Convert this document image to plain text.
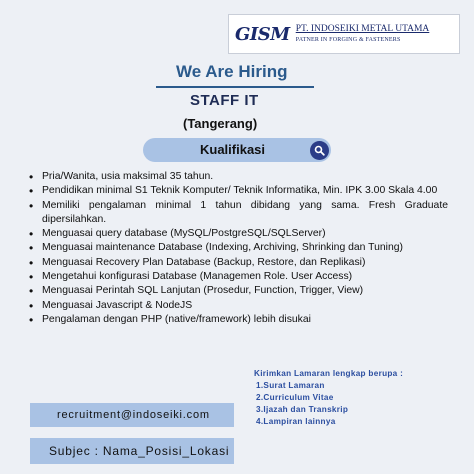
GISM PT. INDOSEIKI METAL UTAMA
PATNER IN FORGING & FASTENERS
We Are Hiring
STAFF IT
(Tangerang)
Kualifikasi
• Pria/Wanita, usia maksimal 35 tahun.
• Pendidikan minimal S1 Teknik Komputer/ Teknik Informatika, Min. IPK 3.00 Skala 4.00
• Memiliki pengalaman minimal 1 tahun dibidang yang sama. Fresh Graduate dipersilahkan.
• Menguasai query database (MySQL/PostgreSQL/SQLServer)
• Menguasai maintenance Database (Indexing, Archiving, Shrinking dan Tuning)
• Menguasai Recovery Plan Database (Backup, Restore, dan Replikasi)
• Mengetahui konfigurasi Database (Managemen Role. User Access)
• Menguasai Perintah SQL Lanjutan (Prosedur, Function, Trigger, View)
• Menguasai Javascript & NodeJS
• Pengalaman dengan PHP (native/framework) lebih disukai
Kirimkan Lamaran lengkap berupa :
1.Surat Lamaran
2.Curriculum Vitae
3.Ijazah dan Transkrip
4.Lampiran lainnya
recruitment@indoseiki.com
Subjec : Nama_Posisi_Lokasi
